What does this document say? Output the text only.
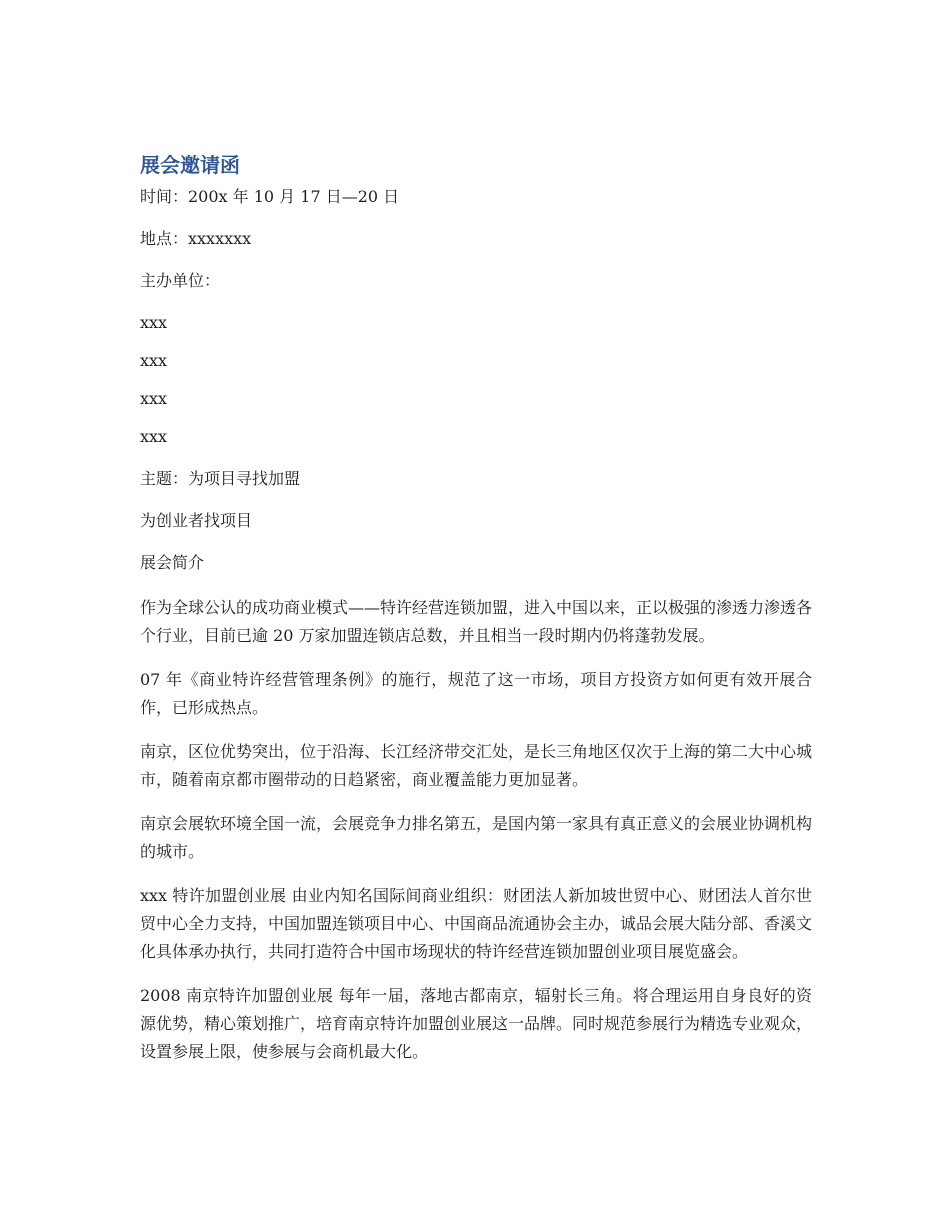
展会邀请函

时间：200x 年 10 月 17 日—20 日

地点：xxxxxxx

主办单位：

xxx

xxx

xxx

xxx

主题：为项目寻找加盟

为创业者找项目

展会简介

作为全球公认的成功商业模式——特许经营连锁加盟，进入中国以来，正以极强的渗透力渗透各个行业，目前已逾 20 万家加盟连锁店总数，并且相当一段时期内仍将蓬勃发展。

07 年《商业特许经营管理条例》的施行，规范了这一市场，项目方投资方如何更有效开展合作，已形成热点。

南京，区位优势突出，位于沿海、长江经济带交汇处，是长三角地区仅次于上海的第二大中心城市，随着南京都市圈带动的日趋紧密，商业覆盖能力更加显著。

南京会展软环境全国一流，会展竞争力排名第五，是国内第一家具有真正意义的会展业协调机构的城市。

xxx 特许加盟创业展 由业内知名国际间商业组织：财团法人新加坡世贸中心、财团法人首尔世贸中心全力支持，中国加盟连锁项目中心、中国商品流通协会主办，诚品会展大陆分部、香溪文化具体承办执行，共同打造符合中国市场现状的特许经营连锁加盟创业项目展览盛会。

2008 南京特许加盟创业展 每年一届，落地古都南京，辐射长三角。将合理运用自身良好的资源优势，精心策划推广，培育南京特许加盟创业展这一品牌。同时规范参展行为精选专业观众，设置参展上限，使参展与会商机最大化。
